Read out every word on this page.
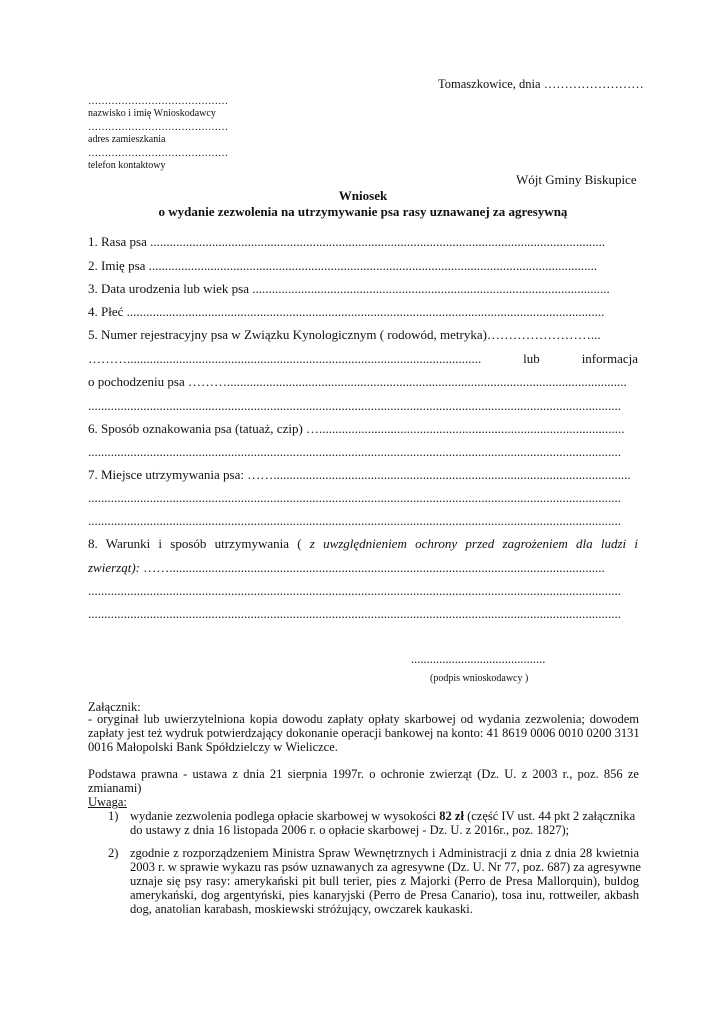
Tomaszkowice, dnia ……………………
……………………………………
nazwisko i imię Wnioskodawcy
……………………………………
adres zamieszkania
……………………………………
telefon kontaktowy
Wójt Gminy Biskupice
Wniosek
o wydanie zezwolenia na utrzymywanie psa rasy uznawanej za agresywną
1. Rasa psa ............................................................................................................................................
2. Imię psa ..........................................................................................................................................
3. Data urodzenia lub wiek psa ..............................................................................................................
4. Płeć ...................................................................................................................................................
5. Numer rejestracyjny psa w Związku Kynologicznym ( rodowód, metryka)……………………...
……….............................................................................................................	lub	informacja
o pochodzeniu psa ………...........................................................................................................................
....................................................................................................................................................................
6. Sposób oznakowania psa (tatuaż, czip) …..............................................................................................
....................................................................................................................................................................
7. Miejsce utrzymywania psa: ……..............................................................................................................
....................................................................................................................................................................
....................................................................................................................................................................
8. Warunki i sposób utrzymywania ( z uwzględnieniem ochrony przed zagrożeniem dla ludzi i
zwierząt): ……......................................................................................................................................
....................................................................................................................................................................
....................................................................................................................................................................
...........................................
(podpis wnioskodawcy )
Załącznik:
- oryginał lub uwierzytelniona kopia dowodu zapłaty opłaty skarbowej od wydania zezwolenia; dowodem
zapłaty jest też wydruk potwierdzający dokonanie operacji bankowej na konto: 41 8619 0006 0010 0200 3131
0016 Małopolski Bank Spółdzielczy w Wieliczce.
Podstawa prawna - ustawa z dnia 21 sierpnia 1997r. o ochronie zwierząt (Dz. U. z 2003 r., poz. 856 ze
zmianami)
Uwaga:
1) wydanie zezwolenia podlega opłacie skarbowej w wysokości 82 zł (część IV ust. 44 pkt 2 załącznika
do ustawy z dnia 16 listopada 2006 r. o opłacie skarbowej - Dz. U. z 2016r., poz. 1827);
2) zgodnie z rozporządzeniem Ministra Spraw Wewnętrznych i Administracji z dnia z dnia 28 kwietnia
2003 r. w sprawie wykazu ras psów uznawanych za agresywne (Dz. U. Nr 77, poz. 687) za agresywne
uznaje się psy rasy: amerykański pit bull terier, pies z Majorki (Perro de Presa Mallorquin), buldog
amerykański, dog argentyński, pies kanaryjski (Perro de Presa Canario), tosa inu, rottweiler, akbash
dog, anatolian karabash, moskiewski stróżujący, owczarek kaukaski.
